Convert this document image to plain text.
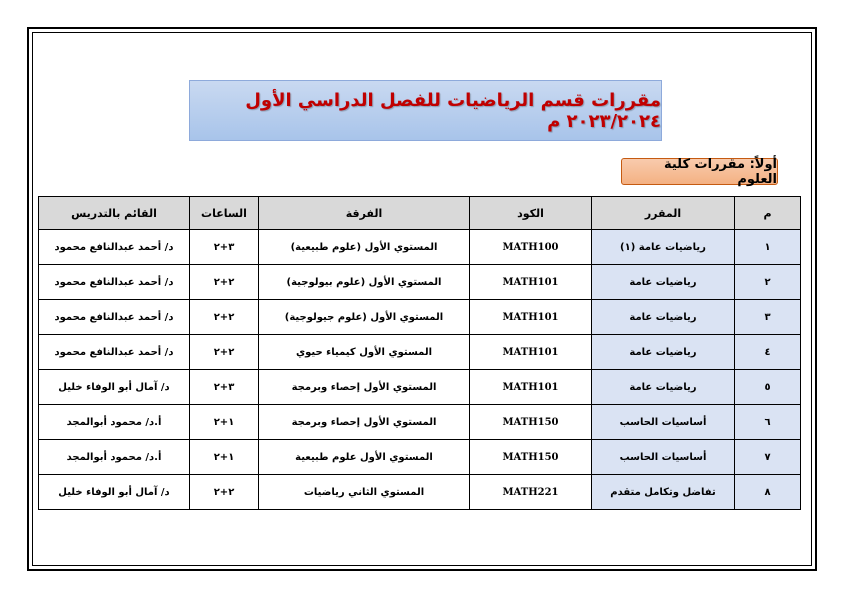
مقررات قسم الرياضيات للفصل الدراسي الأول ٢٠٢٣/٢٠٢٤ م
أولاً: مقررات كلية العلوم
م	المقرر	الكود	الفرقة	الساعات	القائم بالتدريس
١	رياضيات عامة (١)	MATH100	المستوي الأول (علوم طبيعية)	٣+٢	د/ أحمد عبدالنافع محمود
٢	رياضيات عامة	MATH101	المستوي الأول (علوم بيولوجية)	٢+٢	د/ أحمد عبدالنافع محمود
٣	رياضيات عامة	MATH101	المستوي الأول (علوم جيولوجية)	٢+٢	د/ أحمد عبدالنافع محمود
٤	رياضيات عامة	MATH101	المستوي الأول كيمياء حيوي	٢+٢	د/ أحمد عبدالنافع محمود
٥	رياضيات عامة	MATH101	المستوي الأول إحصاء وبرمجة	٣+٢	د/ آمال أبو الوفاء خليل
٦	أساسيات الحاسب	MATH150	المستوي الأول إحصاء وبرمجة	١+٢	أ.د/ محمود أبوالمجد
٧	أساسيات الحاسب	MATH150	المستوي الأول علوم طبيعية	١+٢	أ.د/ محمود أبوالمجد
٨	تفاضل وتكامل متقدم	MATH221	المستوي الثاني رياضيات	٢+٢	د/ آمال أبو الوفاء خليل
